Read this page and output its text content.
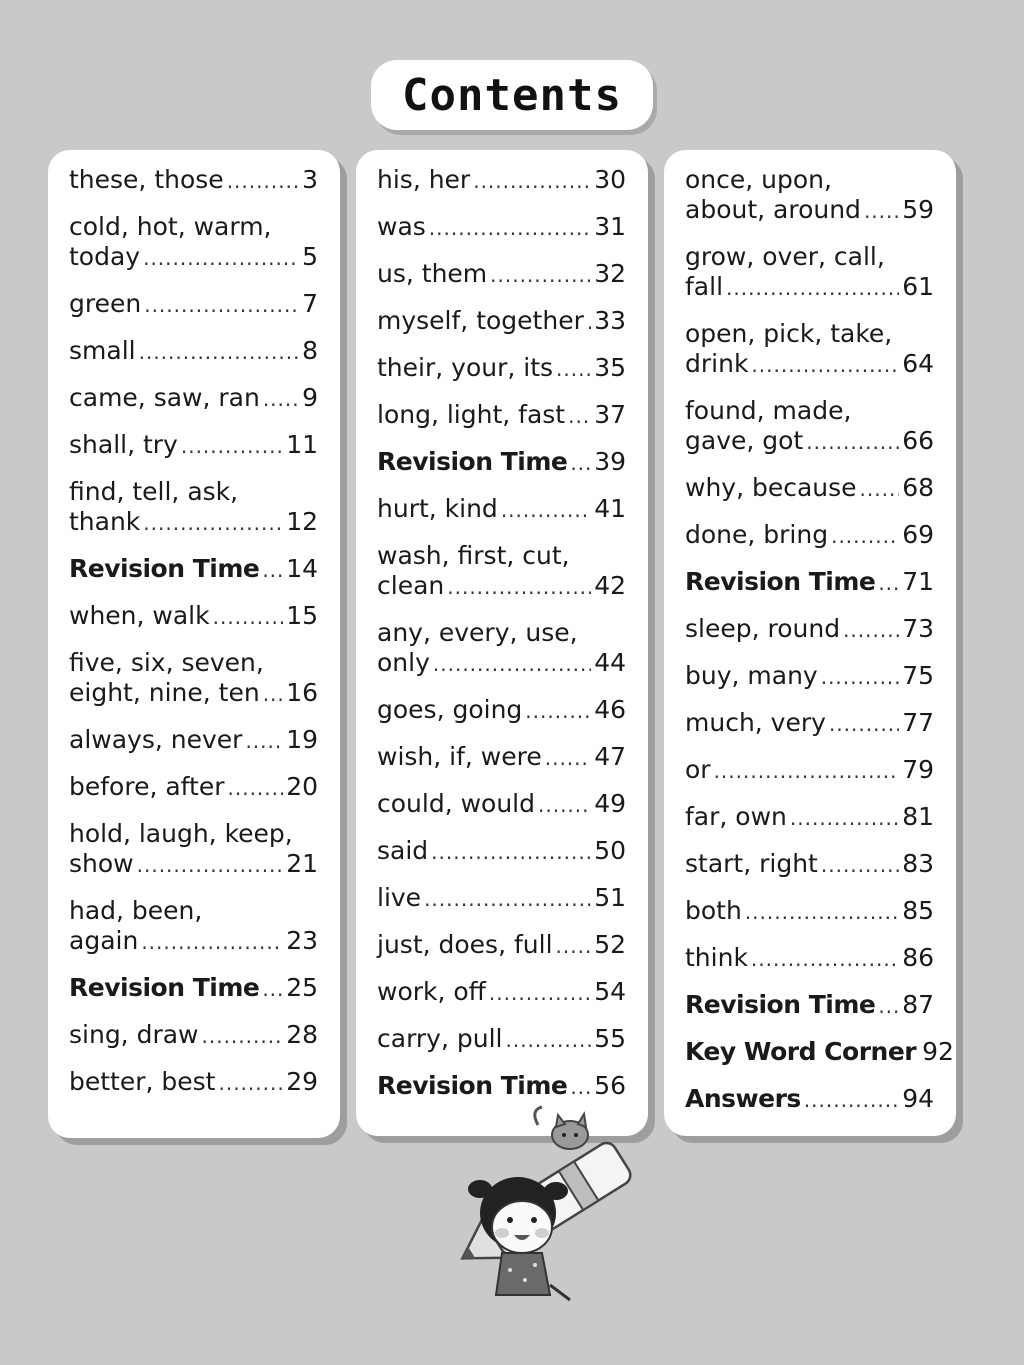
Contents
these, those .....	3
cold, hot, warm,
today .....	5
green .....	7
small .....	8
came, saw, ran ..... 9
shall, try .....	11
find, tell, ask,
thank .....	12
Revision Time ..... 14
when, walk .....	15
five, six, seven,
eight, nine, ten ..... 16
always, never ..... 19
before, after ..... 20
hold, laugh, keep,
show .....	21
had, been,
again .....	23
Revision Time ..... 25
sing, draw .....	28
better, best .....	29
his, her .....	30
was .....	31
us, them .....	32
myself, together ..... 33
their, your, its ..... 35
long, light, fast ..... 37
Revision Time ..... 39
hurt, kind .....	41
wash, first, cut,
clean .....	42
any, every, use,
only .....	44
goes, going .....	46
wish, if, were ..... 47
could, would ..... 49
said .....	50
live .....	51
just, does, full ..... 52
work, off .....	54
carry, pull .....	55
Revision Time ..... 56
once, upon,
about, around ..... 59
grow, over, call,
fall .....	61
open, pick, take,
drink .....	64
found, made,
gave, got .....	66
why, because ..... 68
done, bring .....	69
Revision Time ..... 71
sleep, round ..... 73
buy, many .....	75
much, very .....	77
or .....	79
far, own .....	81
start, right .....	83
both .....	85
think .....	86
Revision Time ..... 87
Key Word Corner 92
Answers .....	94
